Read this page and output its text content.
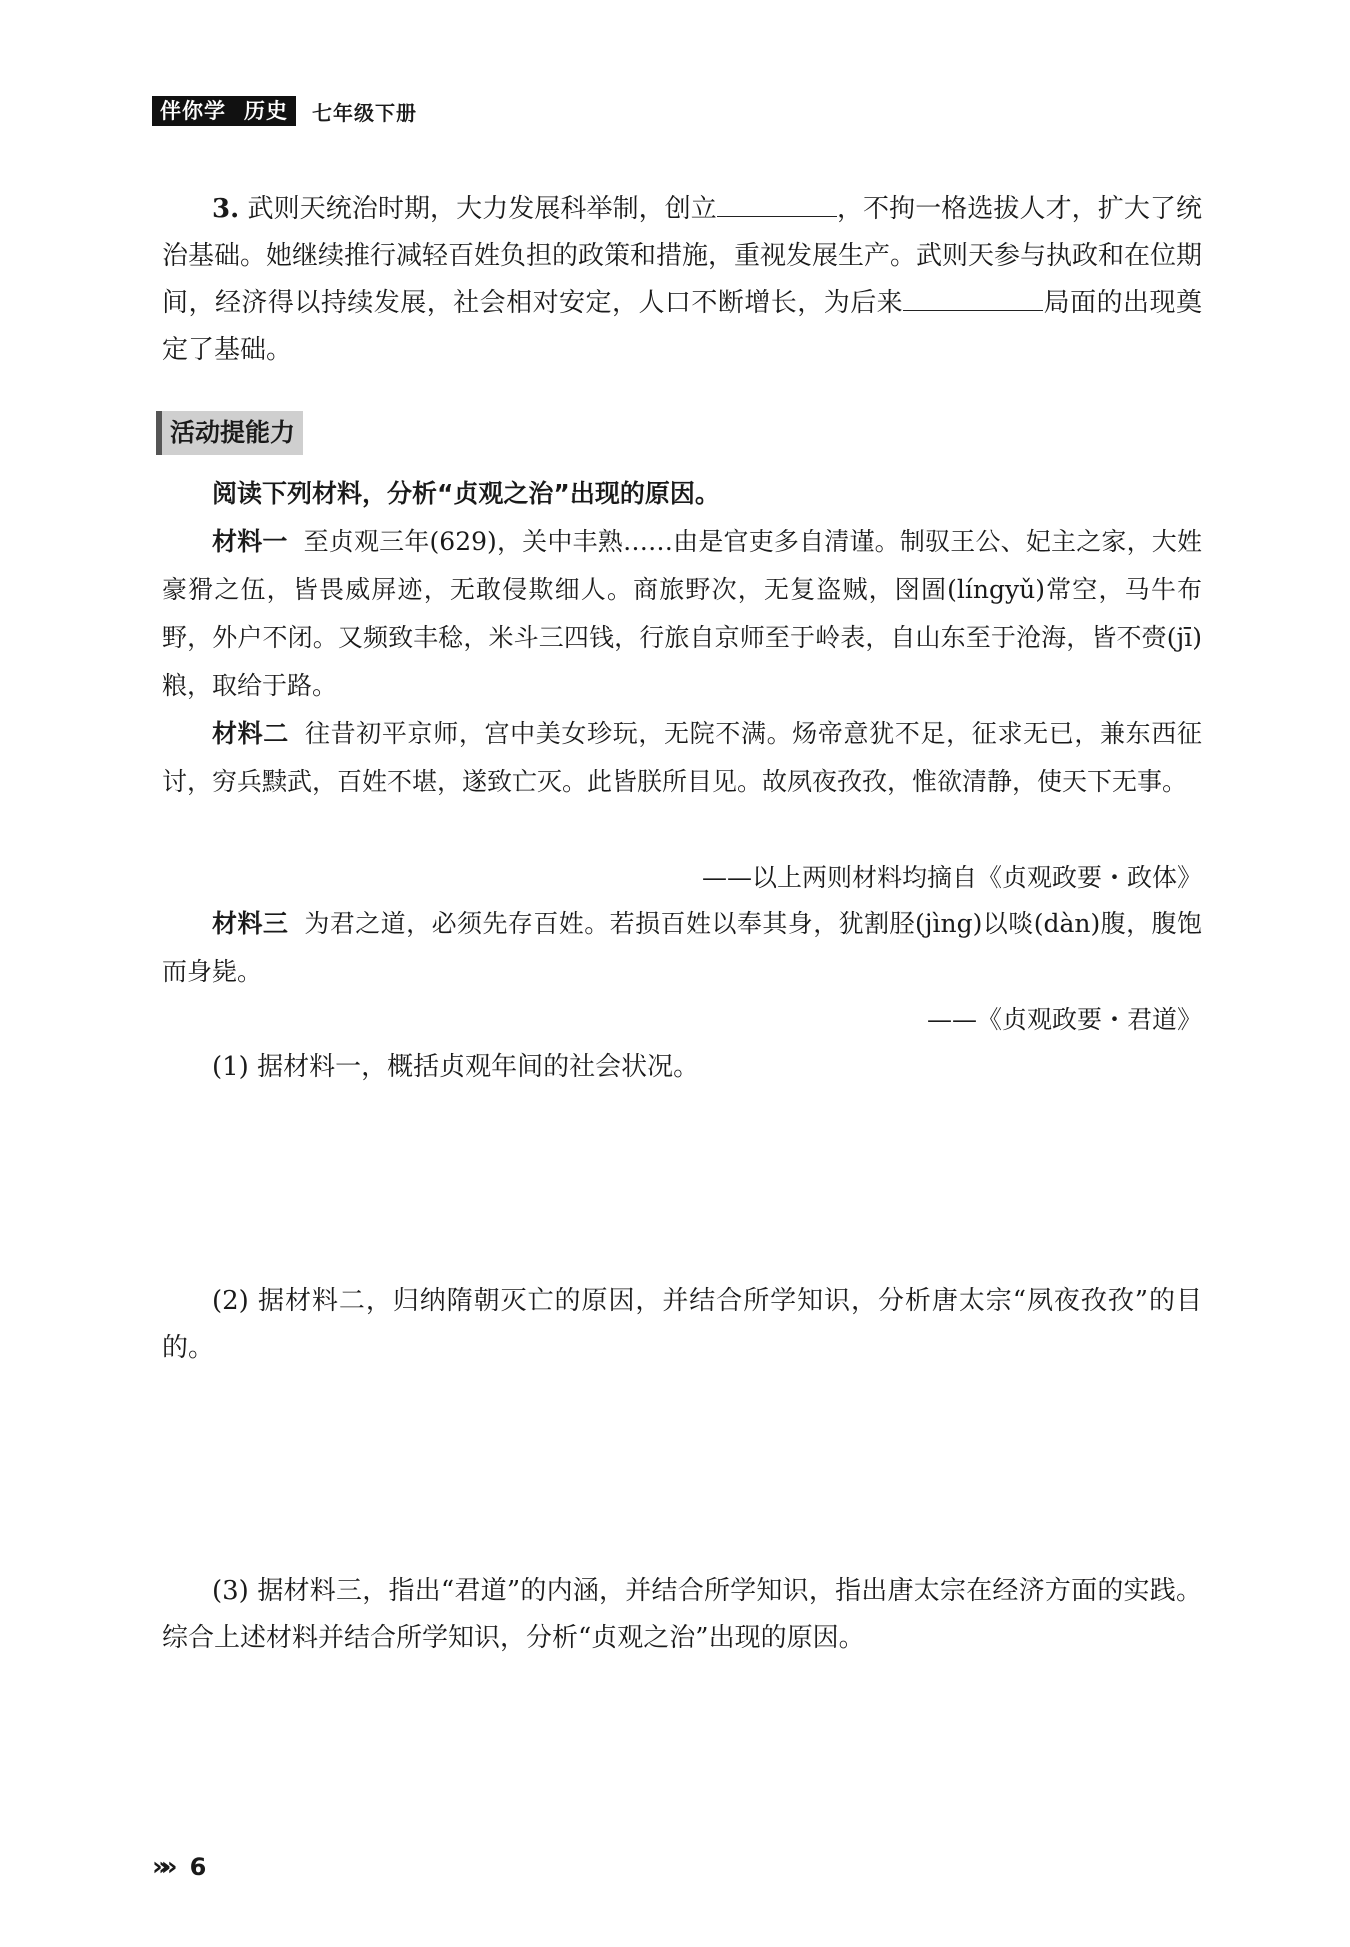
伴你学 历史	七年级下册
3. 武则天统治时期，大力发展科举制，创立	，不拘一格选拔人才，扩大了统治基础。她继续推行减轻百姓负担的政策和措施，重视发展生产。武则天参与执政和在位期间，经济得以持续发展，社会相对安定，人口不断增长，为后来	局面的出现奠定了基础。
活动提能力
阅读下列材料，分析“贞观之治”出现的原因。
材料一 至贞观三年(629)，关中丰熟……由是官吏多自清谨。制驭王公、妃主之家，大姓豪猾之伍，皆畏威屏迹，无敢侵欺细人。商旅野次，无复盗贼，囹圄(língyǔ)常空，马牛布野，外户不闭。又频致丰稔，米斗三四钱，行旅自京师至于岭表，自山东至于沧海，皆不赍(jī)粮，取给于路。
材料二 往昔初平京师，宫中美女珍玩，无院不满。炀帝意犹不足，征求无已，兼东西征讨，穷兵黩武，百姓不堪，遂致亡灭。此皆朕所目见。故夙夜孜孜，惟欲清静，使天下无事。
——以上两则材料均摘自《贞观政要・政体》
材料三 为君之道，必须先存百姓。若损百姓以奉其身，犹割胫(jìng)以啖(dàn)腹，腹饱而身毙。
——《贞观政要・君道》
(1) 据材料一，概括贞观年间的社会状况。
(2) 据材料二，归纳隋朝灭亡的原因，并结合所学知识，分析唐太宗“夙夜孜孜”的目的。
(3) 据材料三，指出“君道”的内涵，并结合所学知识，指出唐太宗在经济方面的实践。综合上述材料并结合所学知识，分析“贞观之治”出现的原因。
»» 6
